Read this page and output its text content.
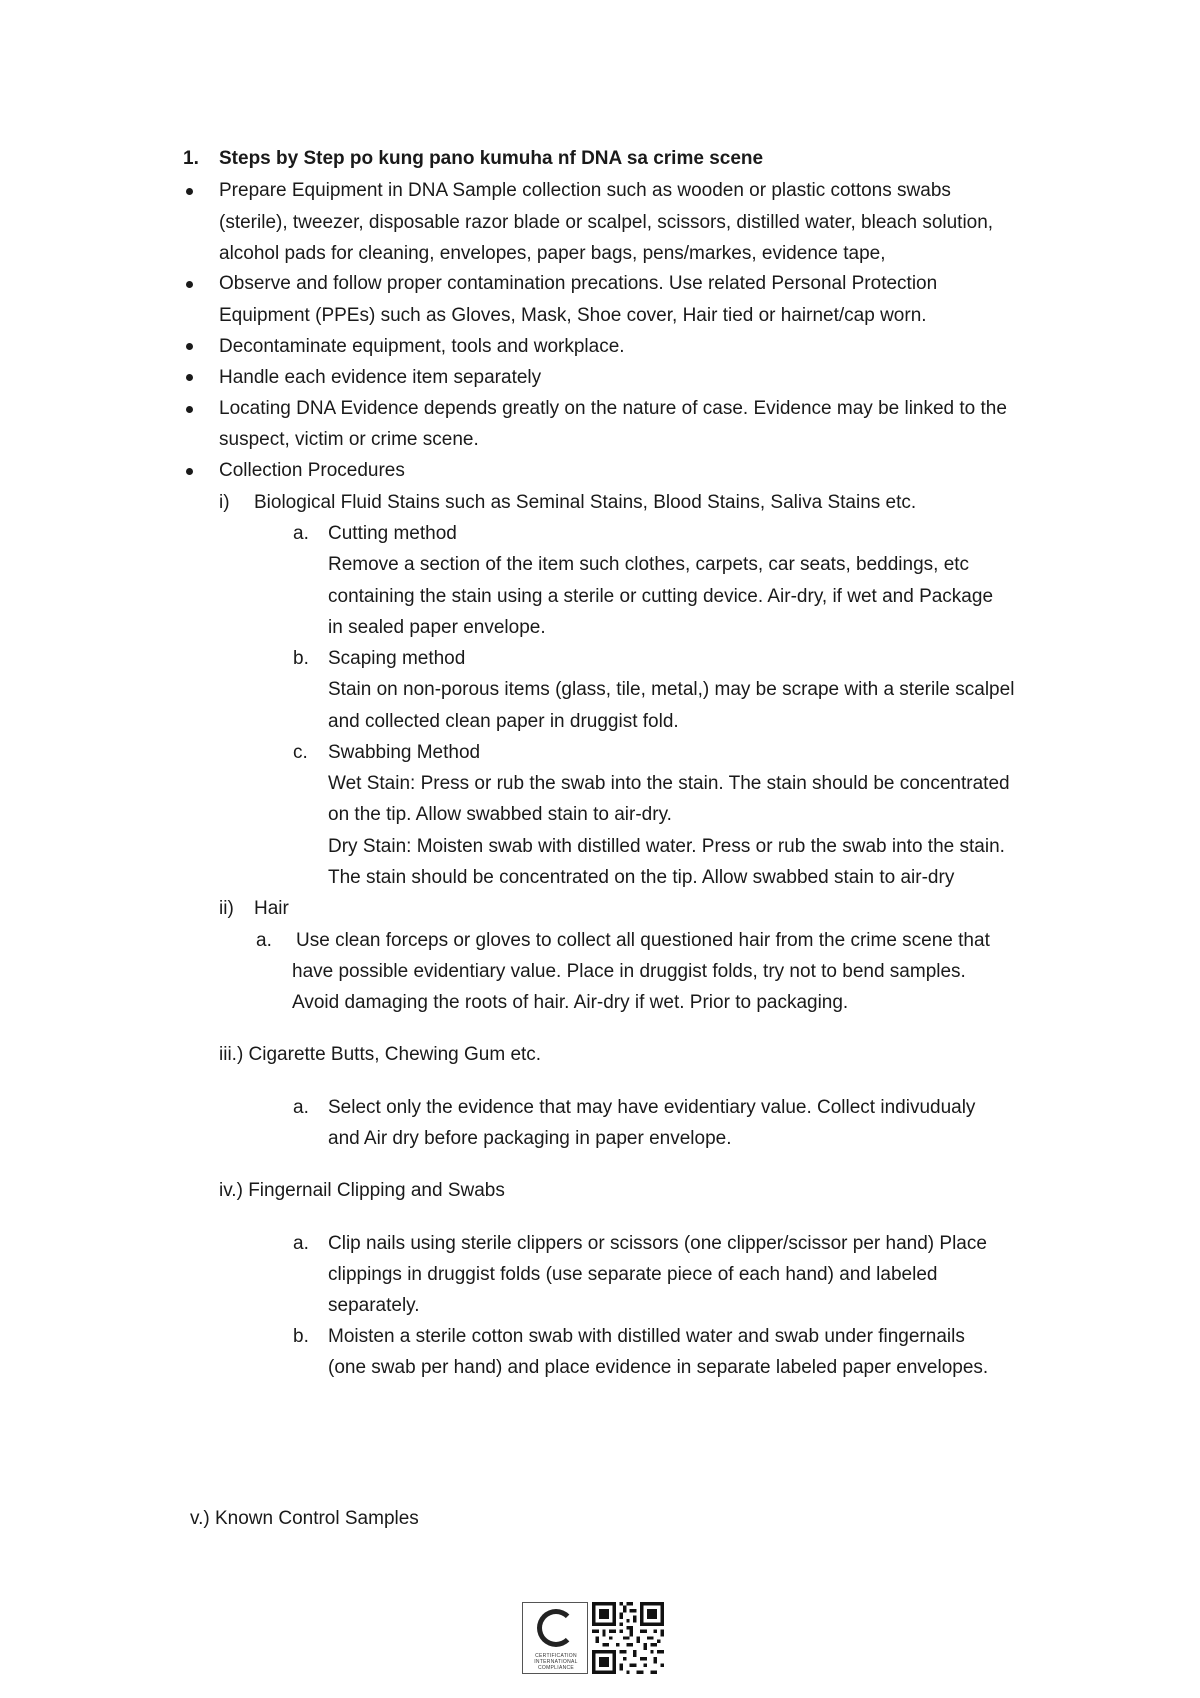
1. Steps by Step po kung pano kumuha nf DNA sa crime scene
Prepare Equipment in DNA Sample collection such as wooden or plastic cottons swabs
(sterile), tweezer, disposable razor blade or scalpel, scissors, distilled water, bleach solution,
alcohol pads for cleaning, envelopes, paper bags, pens/markes, evidence tape,
Observe and follow proper contamination precations. Use related Personal Protection
Equipment (PPEs) such as Gloves, Mask, Shoe cover, Hair tied or hairnet/cap worn.
Decontaminate equipment, tools and workplace.
Handle each evidence item separately
Locating DNA Evidence depends greatly on the nature of case. Evidence may be linked to the
suspect, victim or crime scene.
Collection Procedures
i) Biological Fluid Stains such as Seminal Stains, Blood Stains, Saliva Stains etc.
a. Cutting method
Remove a section of the item such clothes, carpets, car seats, beddings, etc
containing the stain using a sterile or cutting device. Air-dry, if wet and Package
in sealed paper envelope.
b. Scaping method
Stain on non-porous items (glass, tile, metal,) may be scrape with a sterile scalpel
and collected clean paper in druggist fold.
c. Swabbing Method
Wet Stain: Press or rub the swab into the stain. The stain should be concentrated
on the tip. Allow swabbed stain to air-dry.
Dry Stain: Moisten swab with distilled water. Press or rub the swab into the stain.
The stain should be concentrated on the tip. Allow swabbed stain to air-dry
ii) Hair
a. Use clean forceps or gloves to collect all questioned hair from the crime scene that
have possible evidentiary value. Place in druggist folds, try not to bend samples.
Avoid damaging the roots of hair. Air-dry if wet. Prior to packaging.
iii.) Cigarette Butts, Chewing Gum etc.
a. Select only the evidence that may have evidentiary value. Collect indivudualy
and Air dry before packaging in paper envelope.
iv.) Fingernail Clipping and Swabs
a. Clip nails using sterile clippers or scissors (one clipper/scissor per hand) Place
clippings in druggist folds (use separate piece of each hand) and labeled
separately.
b. Moisten a sterile cotton swab with distilled water and swab under fingernails
(one swab per hand) and place evidence in separate labeled paper envelopes.
v.) Known Control Samples
CERTIFICATION
INTERNATIONAL
COMPLIANCE
